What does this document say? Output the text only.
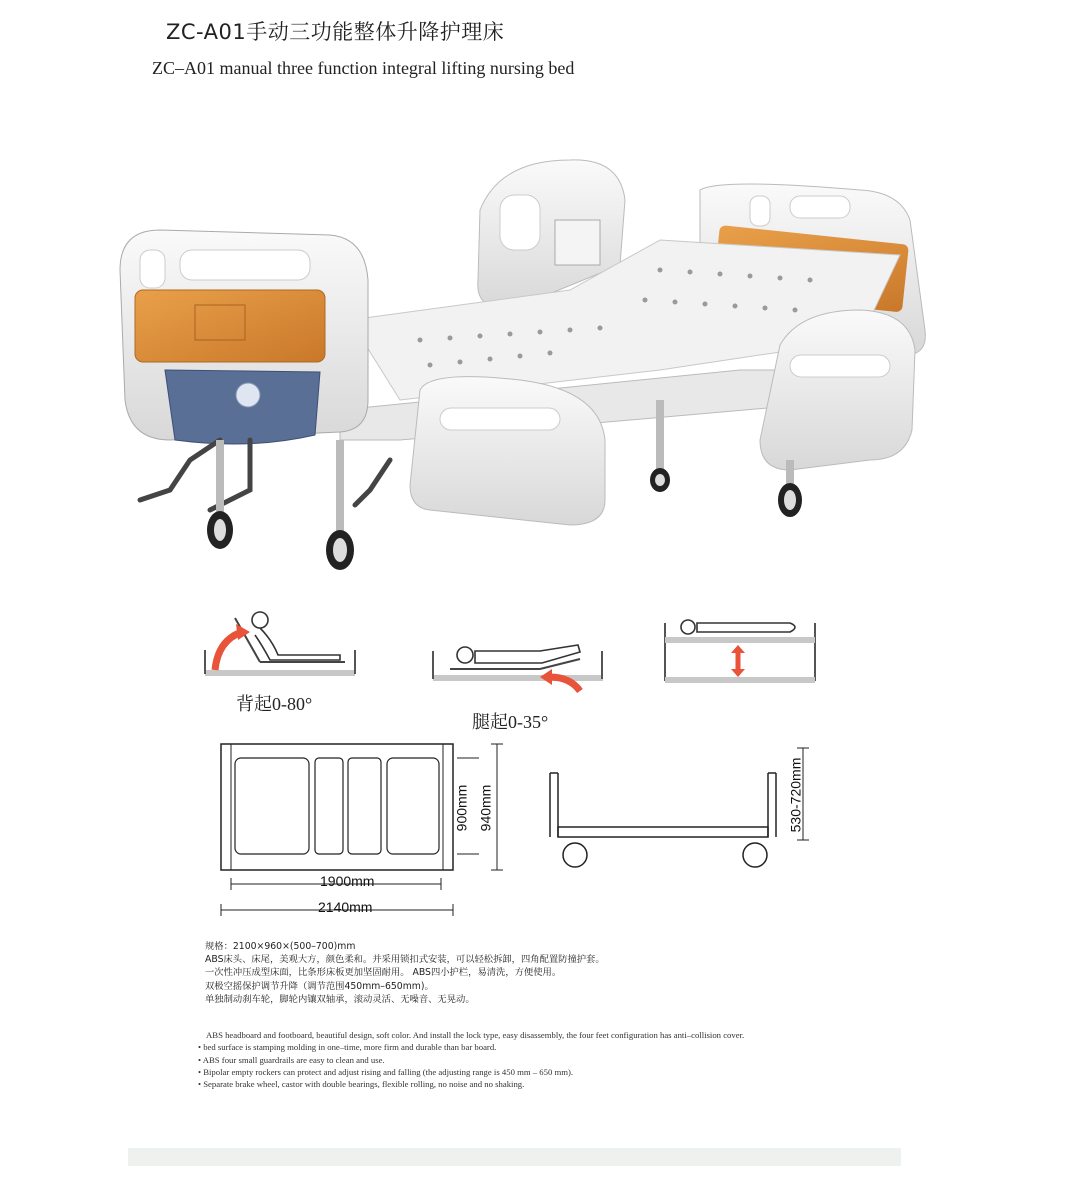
ZC-A01手动三功能整体升降护理床
ZC–A01 manual three function integral lifting nursing bed
背起0-80°
腿起0-35°
1900mm
2140mm
900mm 940mm	530-720mm
规格：2100×960×(500–700)mm
ABS床头、床尾，美观大方，颜色柔和。并采用锁扣式安装，可以轻松拆卸，四角配置防撞护套。
一次性冲压成型床面，比条形床板更加坚固耐用。 ABS四小护栏，易清洗，方便使用。
双极空摇保护调节升降（调节范围450mm–650mm)。
单独制动刹车轮，脚轮内镶双轴承，滚动灵活、无噪音、无晃动。
ABS headboard and footboard, beautiful design, soft color. And install the lock type, easy disassembly, the four feet configuration has anti–collision cover.
• bed surface is stamping molding in one–time, more firm and durable than bar board.
• ABS four small guardrails are easy to clean and use.
• Bipolar empty rockers can protect and adjust rising and falling (the adjusting range is 450 mm – 650 mm).
• Separate brake wheel, castor with double bearings, flexible rolling, no noise and no shaking.
